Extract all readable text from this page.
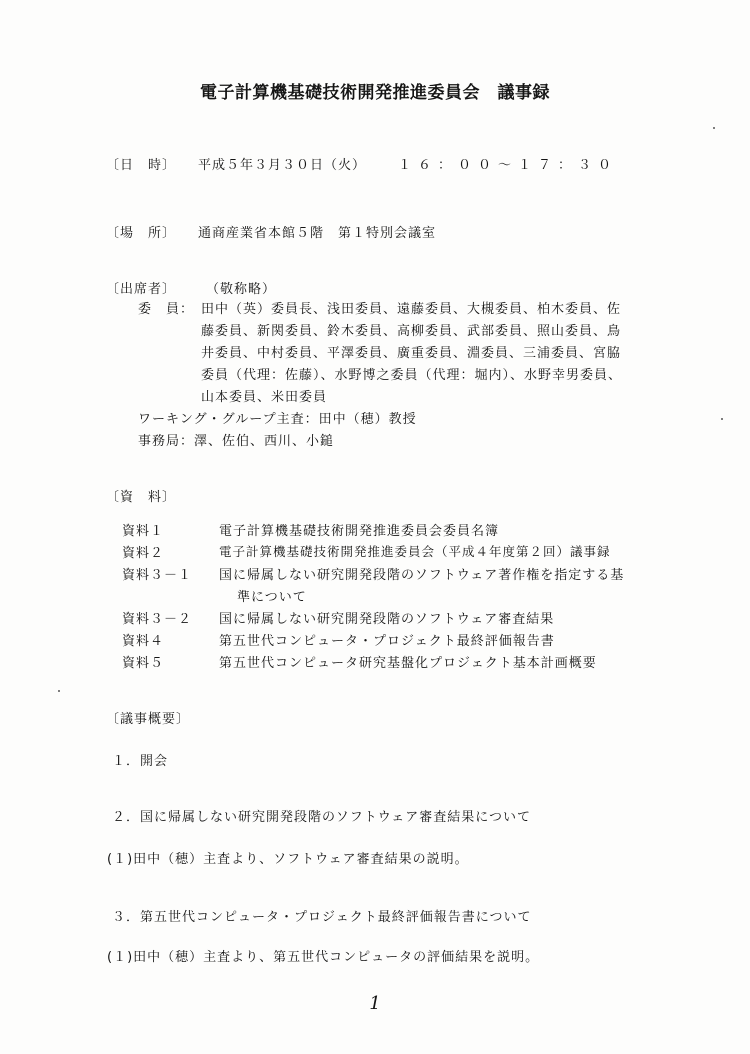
電子計算機基礎技術開発推進委員会　議事録
〔日　時〕 平成５年３月３０日（火） １６：００〜１７：３０
〔場　所〕 通商産業省本館５階　第１特別会議室
〔出席者〕 （敬称略）
委　員： 田中（英）委員長、浅田委員、遠藤委員、大槻委員、柏木委員、佐
藤委員、新関委員、鈴木委員、高柳委員、武部委員、照山委員、鳥
井委員、中村委員、平澤委員、廣重委員、淵委員、三浦委員、宮脇
委員（代理：佐藤）、水野博之委員（代理：堀内）、水野幸男委員、
山本委員、米田委員
ワーキング・グループ主査：田中（穂）教授
事務局：澤、佐伯、西川、小鎚
〔資　料〕
資料１	電子計算機基礎技術開発推進委員会委員名簿
資料２	電子計算機基礎技術開発推進委員会（平成４年度第２回）議事録
資料３－１ 国に帰属しない研究開発段階のソフトウェア著作権を指定する基
準について
資料３－２ 国に帰属しない研究開発段階のソフトウェア審査結果
資料４	第五世代コンピュータ・プロジェクト最終評価報告書
資料５	第五世代コンピュータ研究基盤化プロジェクト基本計画概要
〔議事概要〕
１．開会
２．国に帰属しない研究開発段階のソフトウェア審査結果について
(１)田中（穂）主査より、ソフトウェア審査結果の説明。
３．第五世代コンピュータ・プロジェクト最終評価報告書について
(１)田中（穂）主査より、第五世代コンピュータの評価結果を説明。
1
